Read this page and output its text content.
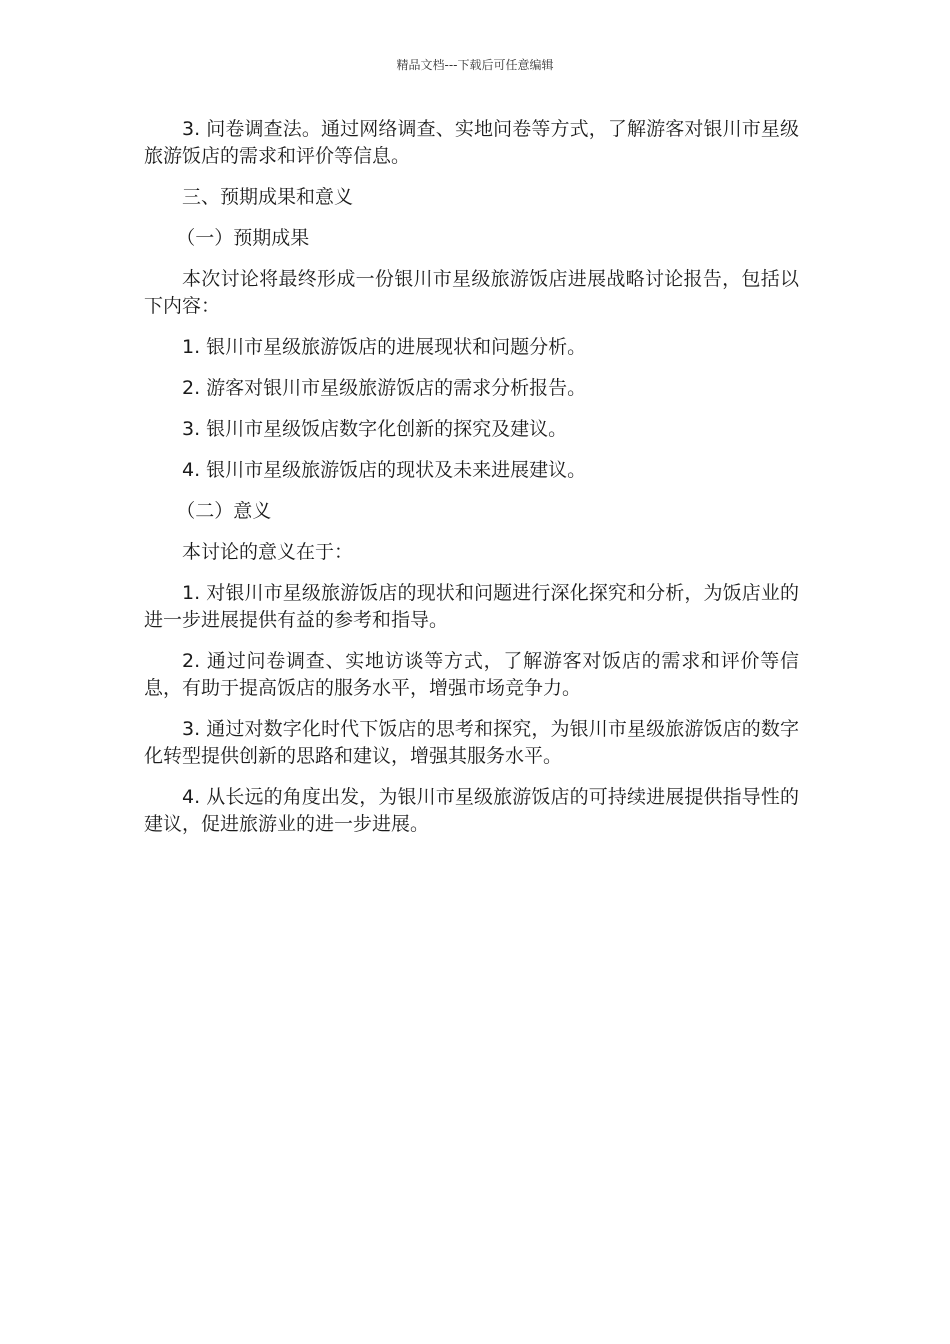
精品文档---下载后可任意编辑

3. 问卷调查法。通过网络调查、实地问卷等方式，了解游客对银川市星级旅游饭店的需求和评价等信息。

三、预期成果和意义

（一）预期成果

本次讨论将最终形成一份银川市星级旅游饭店进展战略讨论报告，包括以下内容：

1. 银川市星级旅游饭店的进展现状和问题分析。

2. 游客对银川市星级旅游饭店的需求分析报告。

3. 银川市星级饭店数字化创新的探究及建议。

4. 银川市星级旅游饭店的现状及未来进展建议。

（二）意义

本讨论的意义在于：

1. 对银川市星级旅游饭店的现状和问题进行深化探究和分析，为饭店业的进一步进展提供有益的参考和指导。

2. 通过问卷调查、实地访谈等方式，了解游客对饭店的需求和评价等信息，有助于提高饭店的服务水平，增强市场竞争力。

3. 通过对数字化时代下饭店的思考和探究，为银川市星级旅游饭店的数字化转型提供创新的思路和建议，增强其服务水平。

4. 从长远的角度出发，为银川市星级旅游饭店的可持续进展提供指导性的建议，促进旅游业的进一步进展。
